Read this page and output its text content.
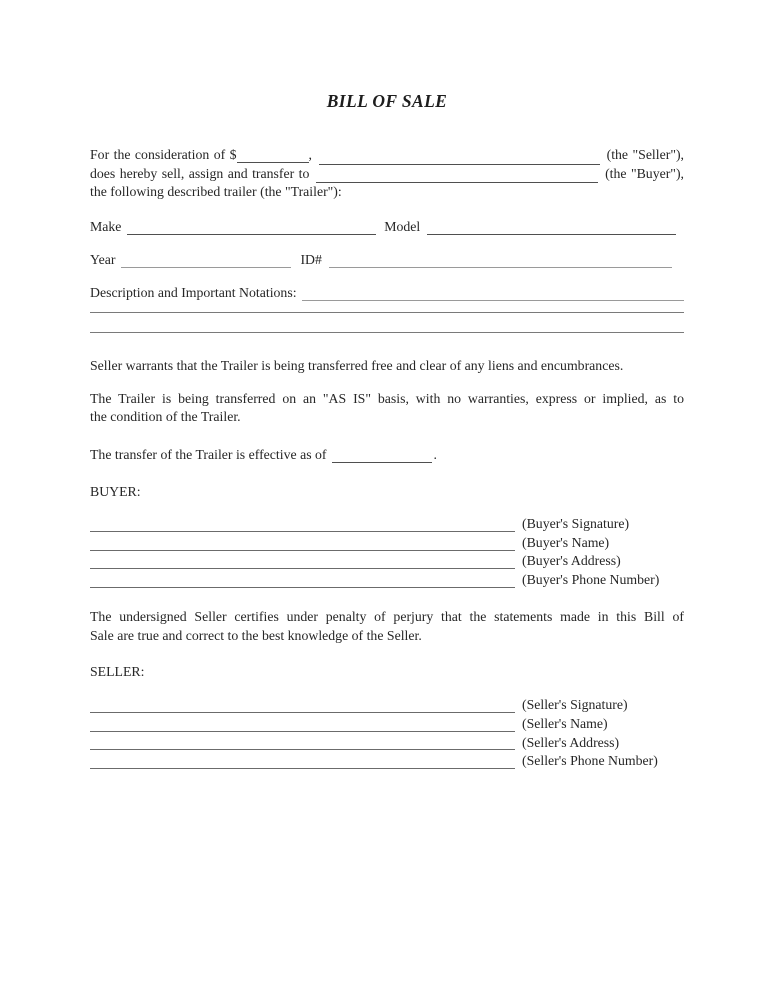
BILL OF SALE
For the consideration of $	,	(the "Seller"),
does hereby sell, assign and transfer to	(the "Buyer"),
the following described trailer (the "Trailer"):
Make	Model
Year	ID#
Description and Important Notations:
Seller warrants that the Trailer is being transferred free and clear of any liens and encumbrances.
The Trailer is being transferred on an "AS IS" basis, with no warranties, express or implied, as to
the condition of the Trailer.
The transfer of the Trailer is effective as of	.
BUYER:
(Buyer's Signature)
(Buyer's Name)
(Buyer's Address)
(Buyer's Phone Number)
The undersigned Seller certifies under penalty of perjury that the statements made in this Bill of
Sale are true and correct to the best knowledge of the Seller.
SELLER:
(Seller's Signature)
(Seller's Name)
(Seller's Address)
(Seller's Phone Number)
